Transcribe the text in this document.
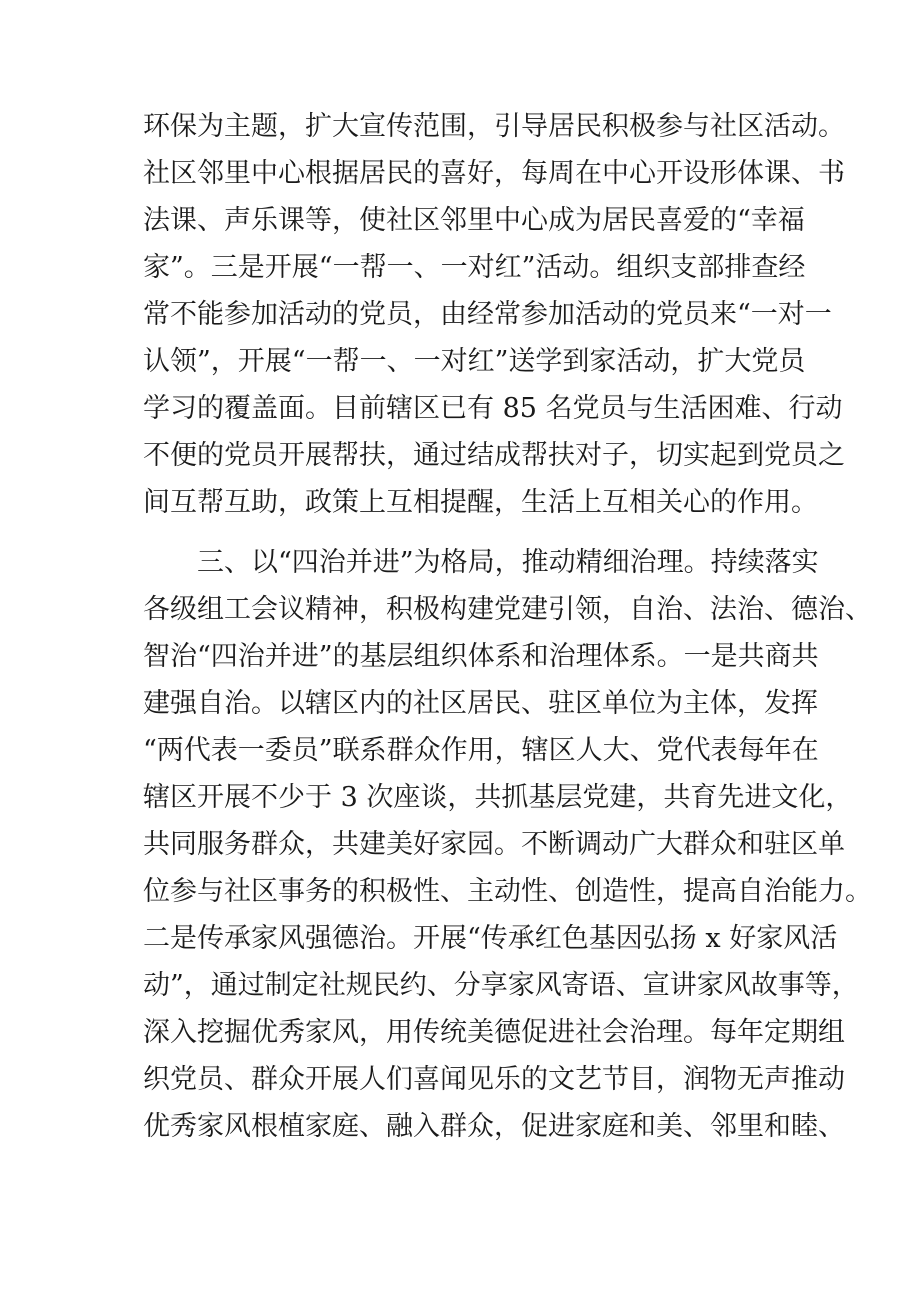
环保为主题，扩大宣传范围，引导居民积极参与社区活动。
社区邻里中心根据居民的喜好，每周在中心开设形体课、书
法课、声乐课等，使社区邻里中心成为居民喜爱的“幸福
家”。三是开展“一帮一、一对红”活动。组织支部排查经
常不能参加活动的党员，由经常参加活动的党员来“一对一
认领”，开展“一帮一、一对红”送学到家活动，扩大党员
学习的覆盖面。目前辖区已有 85 名党员与生活困难、行动
不便的党员开展帮扶，通过结成帮扶对子，切实起到党员之
间互帮互助，政策上互相提醒，生活上互相关心的作用。
　　三、以“四治并进”为格局，推动精细治理。持续落实
各级组工会议精神，积极构建党建引领，自治、法治、德治、
智治“四治并进”的基层组织体系和治理体系。一是共商共
建强自治。以辖区内的社区居民、驻区单位为主体，发挥
“两代表一委员”联系群众作用，辖区人大、党代表每年在
辖区开展不少于 3 次座谈，共抓基层党建，共育先进文化，
共同服务群众，共建美好家园。不断调动广大群众和驻区单
位参与社区事务的积极性、主动性、创造性，提高自治能力。
二是传承家风强德治。开展“传承红色基因弘扬 x 好家风活
动”，通过制定社规民约、分享家风寄语、宣讲家风故事等，
深入挖掘优秀家风，用传统美德促进社会治理。每年定期组
织党员、群众开展人们喜闻见乐的文艺节目，润物无声推动
优秀家风根植家庭、融入群众，促进家庭和美、邻里和睦、
